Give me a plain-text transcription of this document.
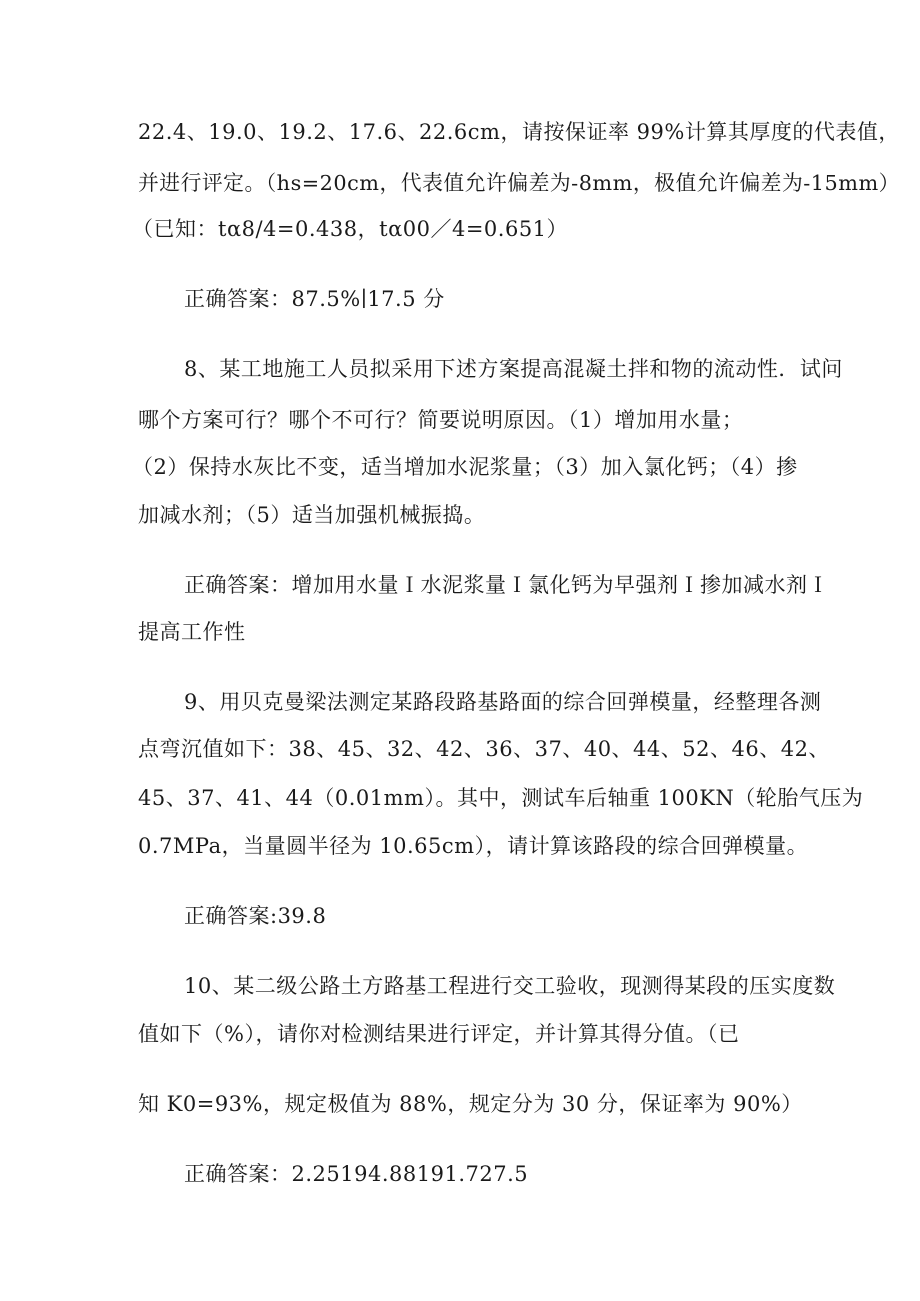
22.4、19.0、19.2、17.6、22.6cm，请按保证率 99%计算其厚度的代表值，
并进行评定。（hs=20cm，代表值允许偏差为-8mm，极值允许偏差为-15mm）
（已知：tα8/4=0.438，tα00／4=0.651）
正确答案：87.5%∣17.5 分
8、某工地施工人员拟采用下述方案提高混凝土拌和物的流动性．试问
哪个方案可行？哪个不可行？简要说明原因。（1）增加用水量；
（2）保持水灰比不变，适当增加水泥浆量；（3）加入氯化钙；（4）掺
加减水剂；（5）适当加强机械振捣。
正确答案：增加用水量Ｉ水泥浆量Ｉ氯化钙为早强剂Ｉ掺加减水剂Ｉ
提高工作性
9、用贝克曼梁法测定某路段路基路面的综合回弹模量，经整理各测
点弯沉值如下：38、45、32、42、36、37、40、44、52、46、42、
45、37、41、44（0.01mm）。其中，测试车后轴重 100KN（轮胎气压为
0.7MPa，当量圆半径为 10.65cm），请计算该路段的综合回弹模量。
正确答案:39.8
10、某二级公路土方路基工程进行交工验收，现测得某段的压实度数
值如下（%），请你对检测结果进行评定，并计算其得分值。（已
知 K0=93%，规定极值为 88%，规定分为 30 分，保证率为 90%）
正确答案：2.25194.88191.727.5
